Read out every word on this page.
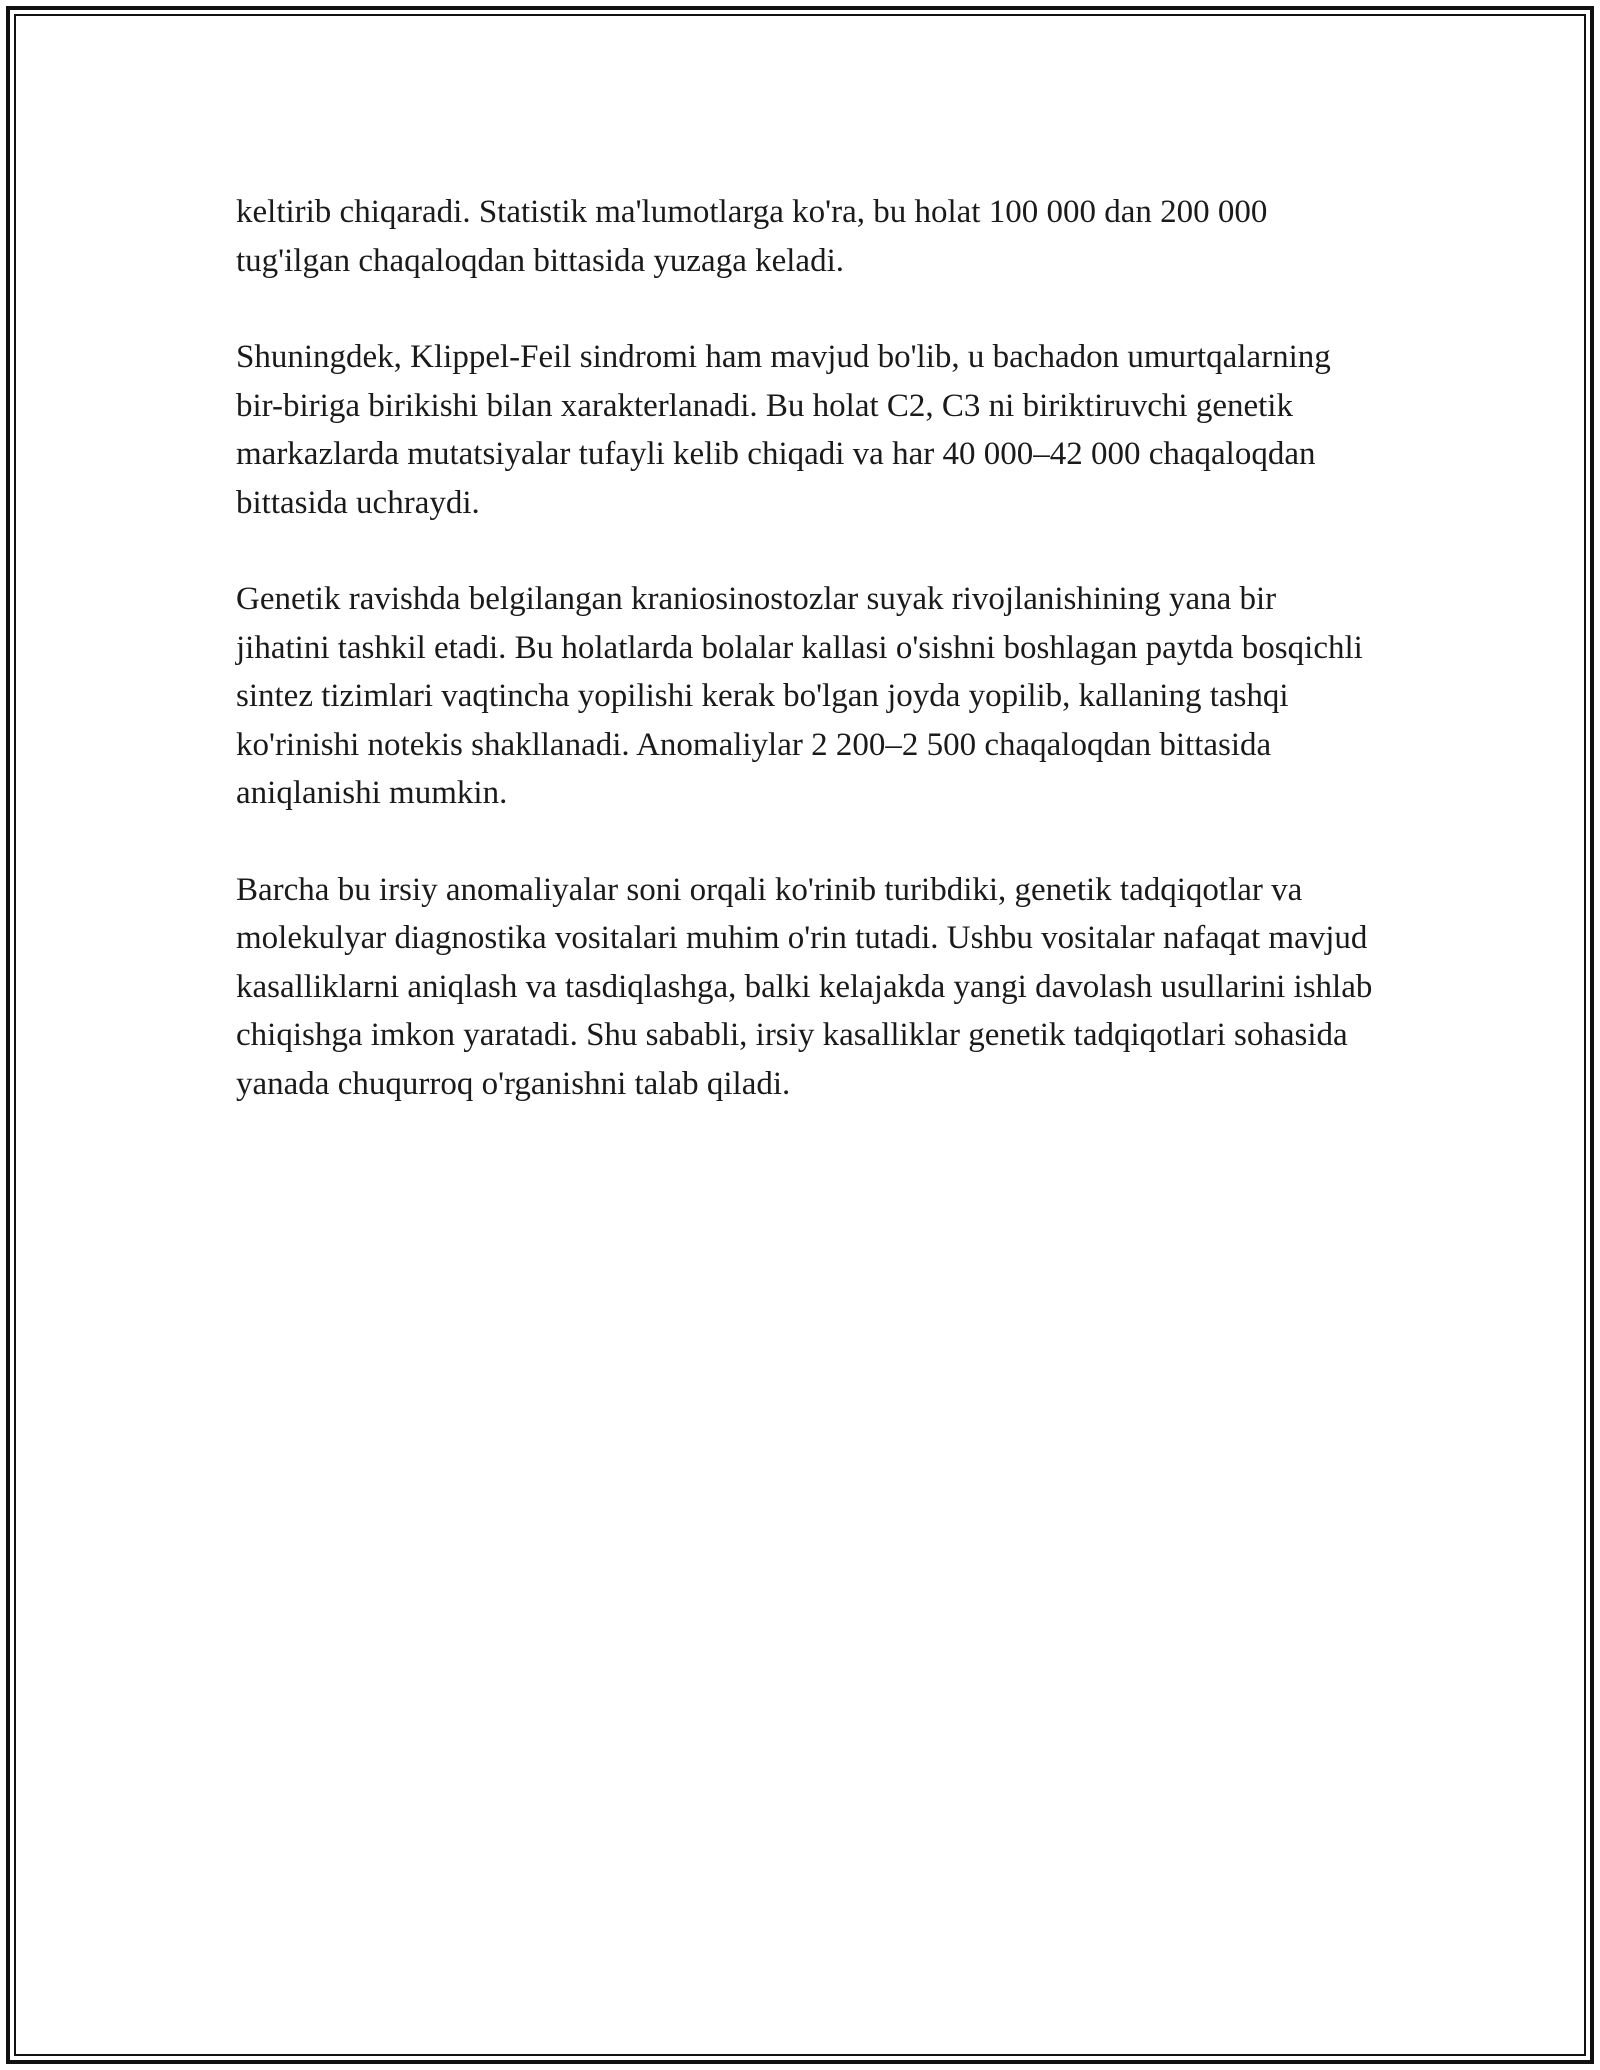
keltirib chiqaradi. Statistik ma'lumotlarga ko'ra, bu holat 100 000 dan 200 000 tug'ilgan chaqaloqdan bittasida yuzaga keladi.

Shuningdek, Klippel-Feil sindromi ham mavjud bo'lib, u bachadon umurtqalarning bir-biriga birikishi bilan xarakterlanadi. Bu holat C2, C3 ni biriktiruvchi genetik markazlarda mutatsiyalar tufayli kelib chiqadi va har 40 000–42 000 chaqaloqdan bittasida uchraydi.

Genetik ravishda belgilangan kraniosinostozlar suyak rivojlanishining yana bir jihatini tashkil etadi. Bu holatlarda bolalar kallasi o'sishni boshlagan paytda bosqichli sintez tizimlari vaqtincha yopilishi kerak bo'lgan joyda yopilib, kallaning tashqi ko'rinishi notekis shakllanadi. Anomaliylar 2 200–2 500 chaqaloqdan bittasida aniqlanishi mumkin.

Barcha bu irsiy anomaliyalar soni orqali ko'rinib turibdiki, genetik tadqiqotlar va molekulyar diagnostika vositalari muhim o'rin tutadi. Ushbu vositalar nafaqat mavjud kasalliklarni aniqlash va tasdiqlashga, balki kelajakda yangi davolash usullarini ishlab chiqishga imkon yaratadi. Shu sababli, irsiy kasalliklar genetik tadqiqotlari sohasida yanada chuqurroq o'rganishni talab qiladi.
